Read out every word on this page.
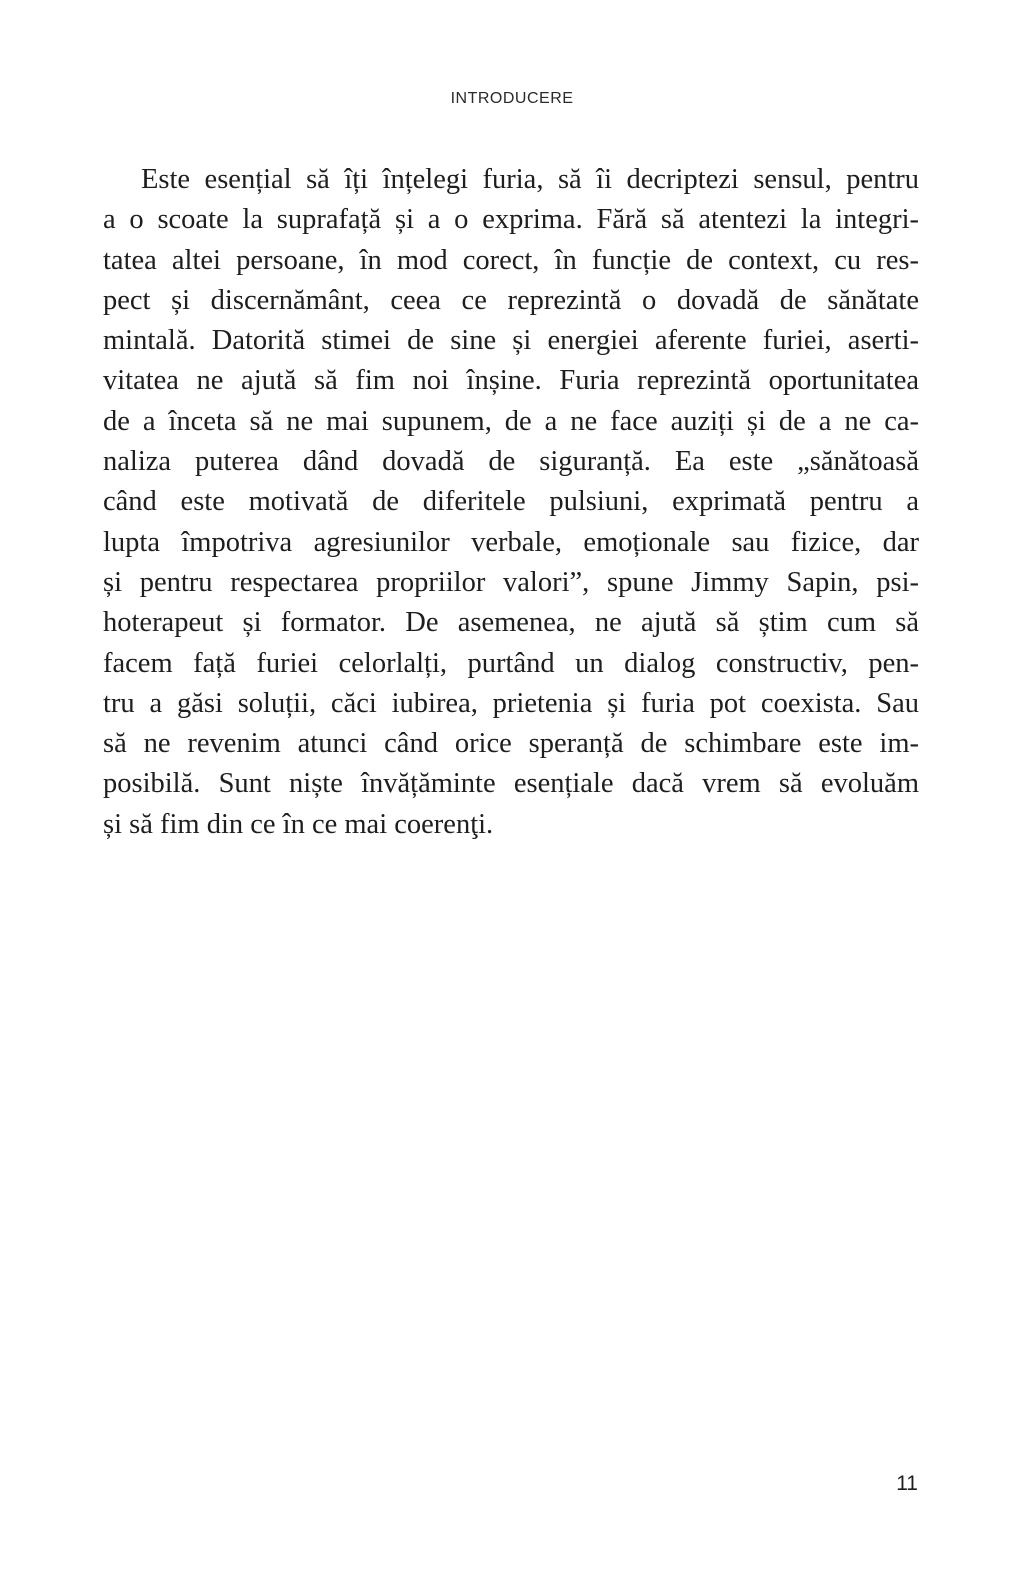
INTRODUCERE
Este esențial să îți înțelegi furia, să îi decriptezi sensul, pentru
a o scoate la suprafață și a o exprima. Fără să atentezi la integri-
tatea altei persoane, în mod corect, în funcție de context, cu res-
pect și discernământ, ceea ce reprezintă o dovadă de sănătate
mintală. Datorită stimei de sine și energiei aferente furiei, aserti-
vitatea ne ajută să fim noi înșine. Furia reprezintă oportunitatea
de a înceta să ne mai supunem, de a ne face auziți și de a ne ca-
naliza puterea dând dovadă de siguranță. Ea este „sănătoasă
când este motivată de diferitele pulsiuni, exprimată pentru a
lupta împotriva agresiunilor verbale, emoționale sau fizice, dar
și pentru respectarea propriilor valori”, spune Jimmy Sapin, psi-
hoterapeut și formator. De asemenea, ne ajută să știm cum să
facem față furiei celorlalți, purtând un dialog constructiv, pen-
tru a găsi soluții, căci iubirea, prietenia și furia pot coexista. Sau
să ne revenim atunci când orice speranță de schimbare este im-
posibilă. Sunt niște învățăminte esențiale dacă vrem să evoluăm
și să fim din ce în ce mai coerenţi.
11
